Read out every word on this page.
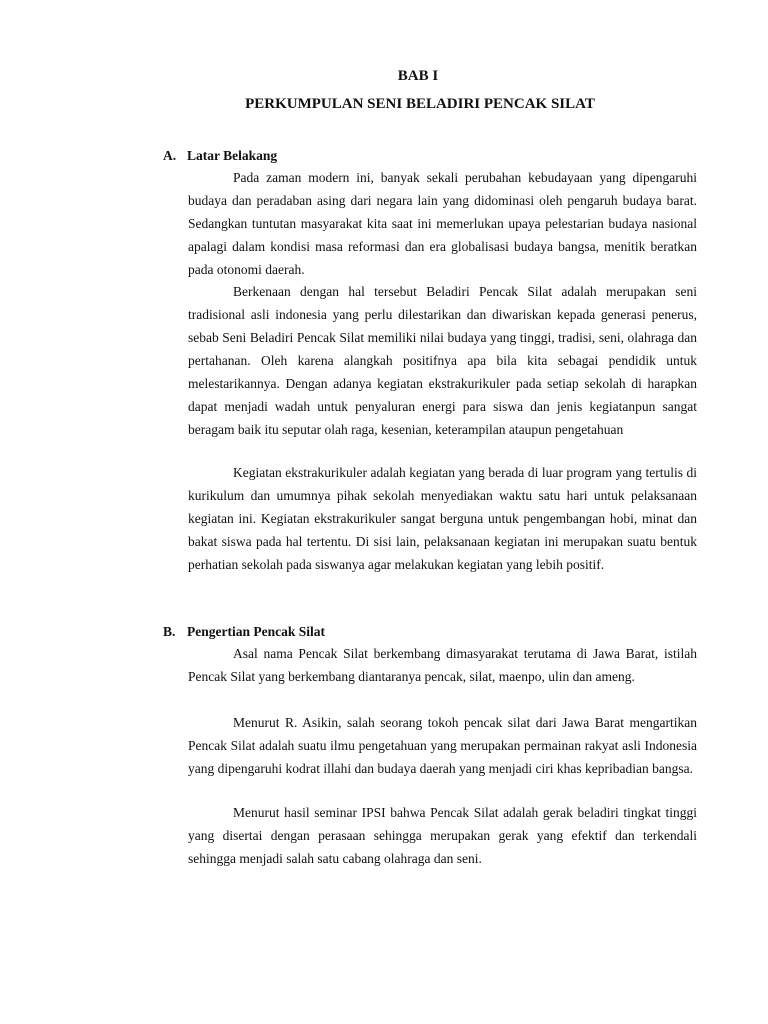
BAB I
PERKUMPULAN SENI BELADIRI PENCAK SILAT
A. Latar Belakang

Pada zaman modern ini, banyak sekali perubahan kebudayaan yang dipengaruhi budaya dan peradaban asing dari negara lain yang didominasi oleh pengaruh budaya barat. Sedangkan tuntutan masyarakat kita saat ini memerlukan upaya pelestarian budaya nasional apalagi dalam kondisi masa reformasi dan era globalisasi budaya bangsa, menitik beratkan pada otonomi daerah.

Berkenaan dengan hal tersebut Beladiri Pencak Silat adalah merupakan seni tradisional asli indonesia yang perlu dilestarikan dan diwariskan kepada generasi penerus, sebab Seni Beladiri Pencak Silat memiliki nilai budaya yang tinggi, tradisi, seni, olahraga dan pertahanan. Oleh karena alangkah positifnya apa bila kita sebagai pendidik untuk melestarikannya. Dengan adanya kegiatan ekstrakurikuler pada setiap sekolah di harapkan dapat menjadi wadah untuk penyaluran energi para siswa dan jenis kegiatanpun sangat beragam baik itu seputar olah raga, kesenian, keterampilan ataupun pengetahuan

Kegiatan ekstrakurikuler adalah kegiatan yang berada di luar program yang tertulis di kurikulum dan umumnya pihak sekolah menyediakan waktu satu hari untuk pelaksanaan kegiatan ini. Kegiatan ekstrakurikuler sangat berguna untuk pengembangan hobi, minat dan bakat siswa pada hal tertentu. Di sisi lain, pelaksanaan kegiatan ini merupakan suatu bentuk perhatian sekolah pada siswanya agar melakukan kegiatan yang lebih positif.

B. Pengertian Pencak Silat

Asal nama Pencak Silat berkembang dimasyarakat terutama di Jawa Barat, istilah Pencak Silat yang berkembang diantaranya pencak, silat, maenpo, ulin dan ameng.

Menurut R. Asikin, salah seorang tokoh pencak silat dari Jawa Barat mengartikan Pencak Silat adalah suatu ilmu pengetahuan yang merupakan permainan rakyat asli Indonesia yang dipengaruhi kodrat illahi dan budaya daerah yang menjadi ciri khas kepribadian bangsa.

Menurut hasil seminar IPSI bahwa Pencak Silat adalah gerak beladiri tingkat tinggi yang disertai dengan perasaan sehingga merupakan gerak yang efektif dan terkendali sehingga menjadi salah satu cabang olahraga dan seni.
